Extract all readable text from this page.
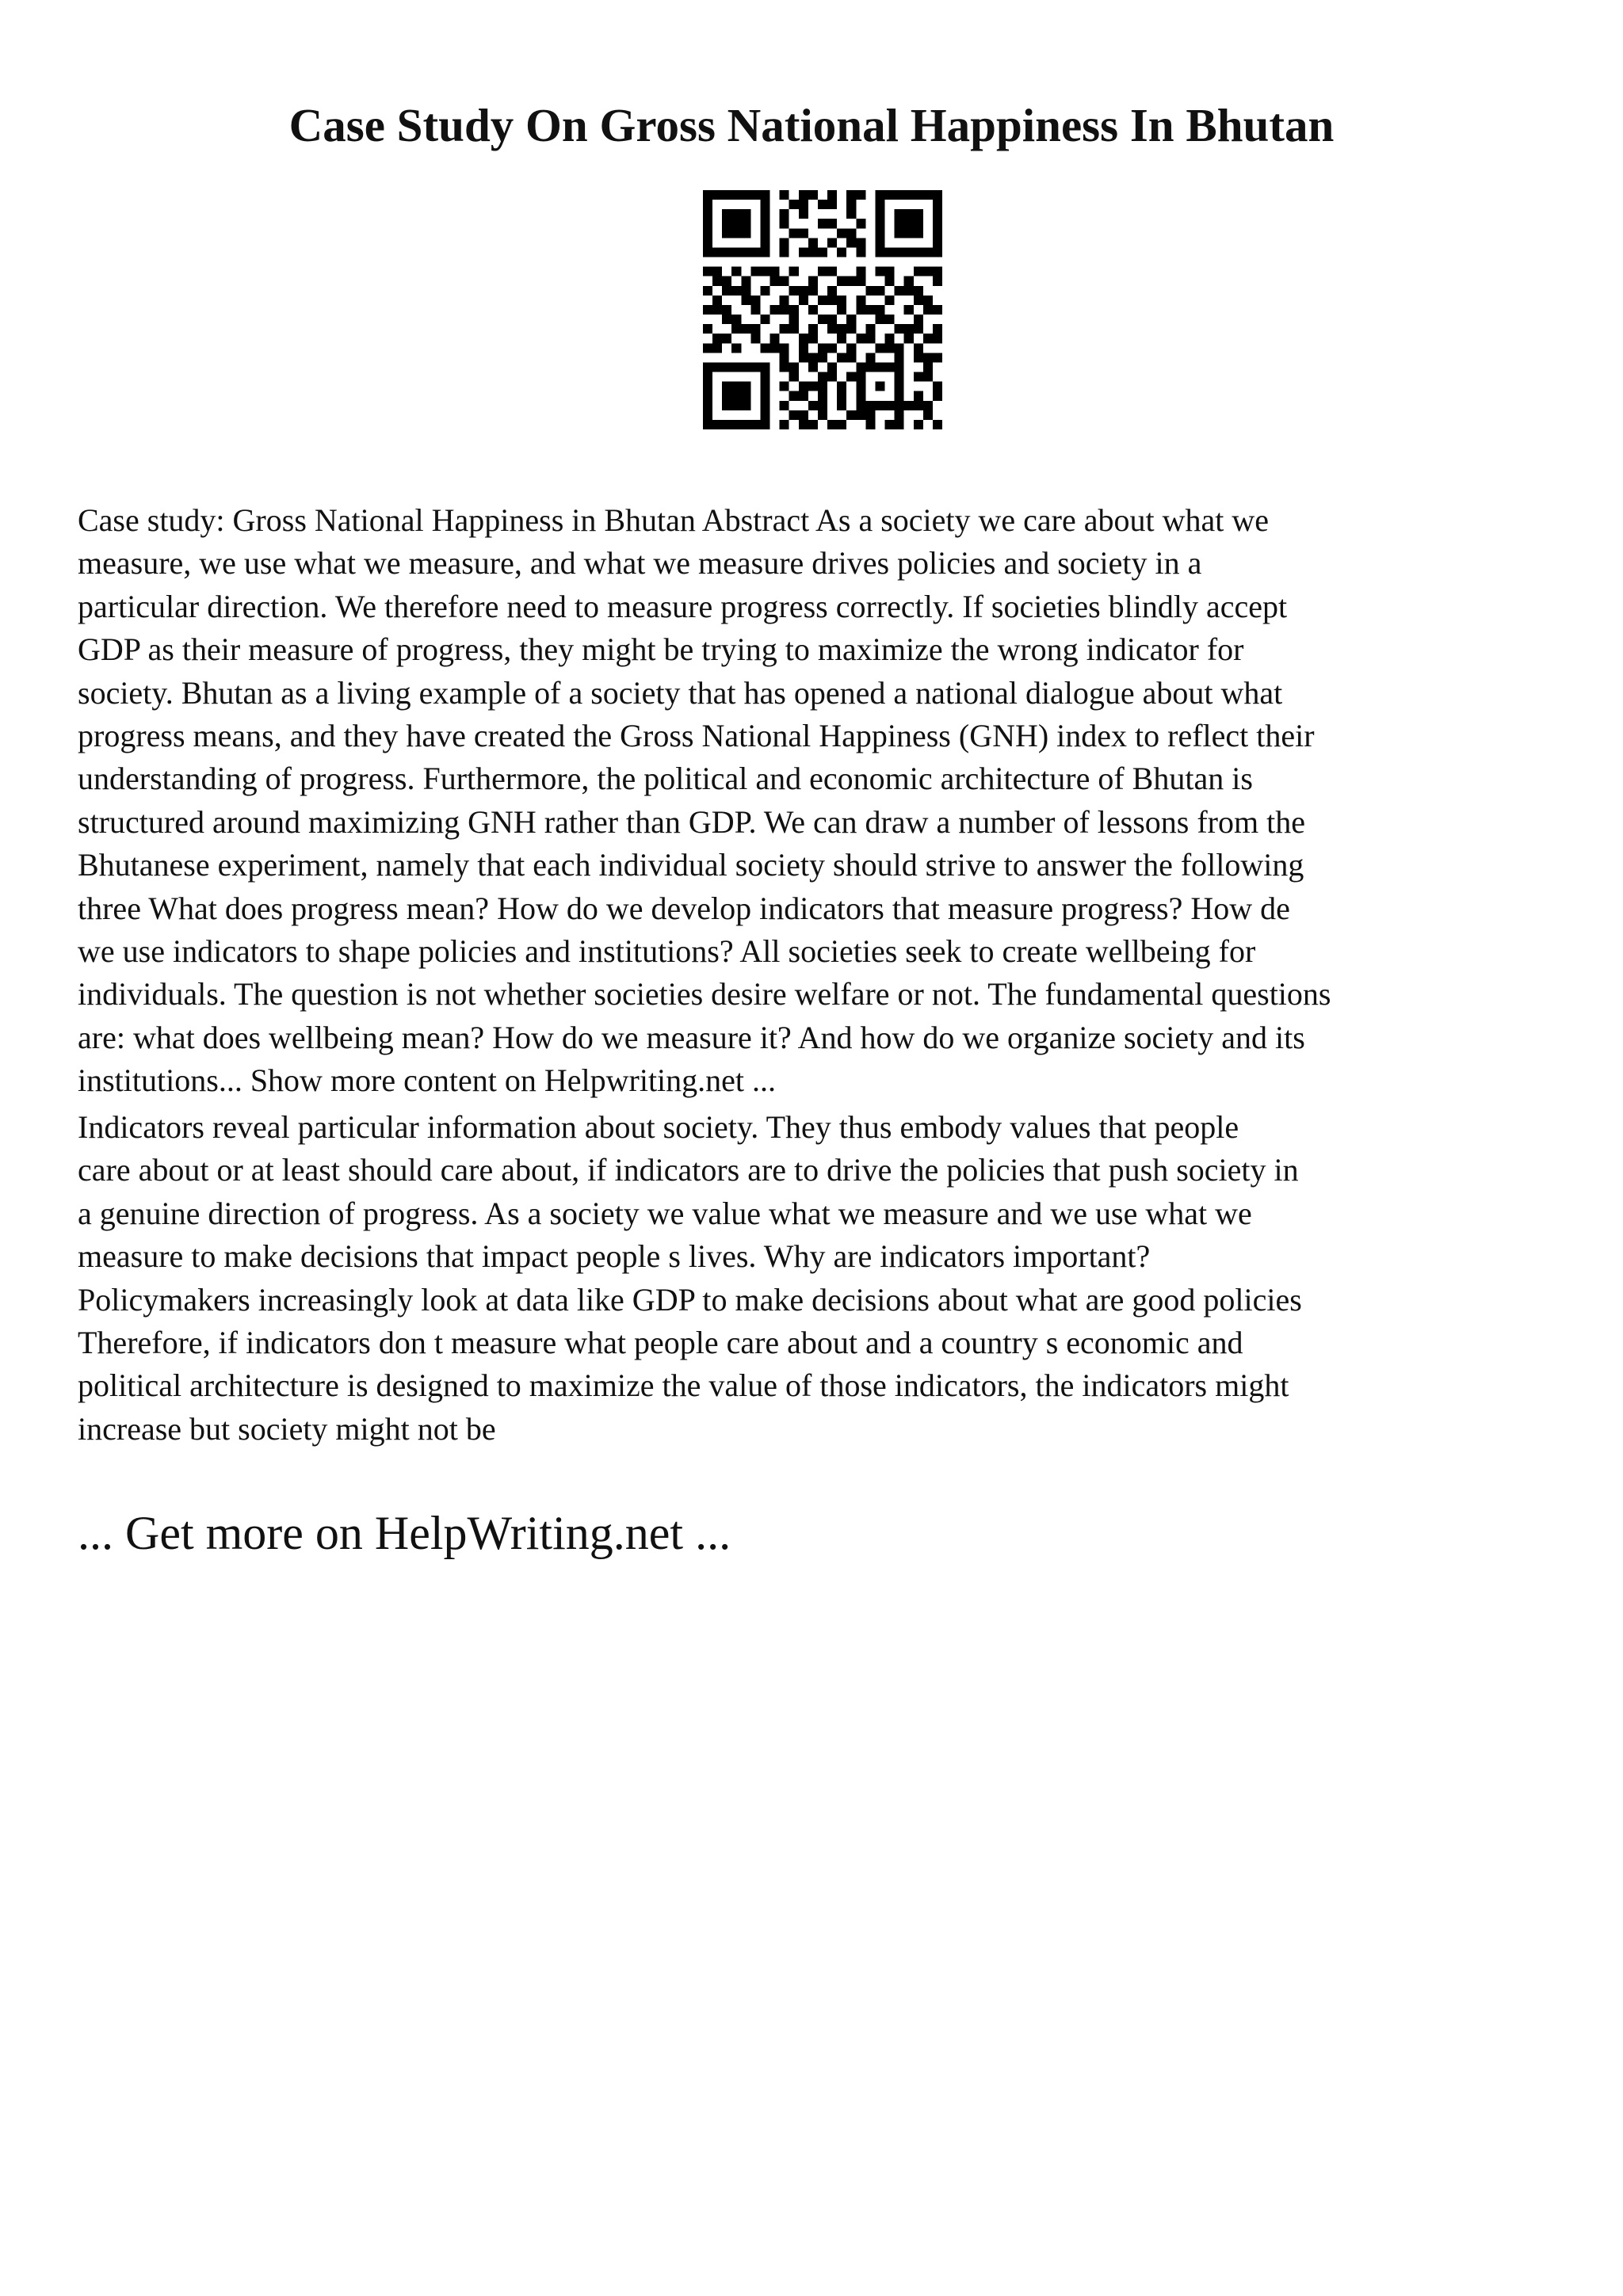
Case Study On Gross National Happiness In Bhutan

Case study: Gross National Happiness in Bhutan Abstract As a society we care about what we
measure, we use what we measure, and what we measure drives policies and society in a
particular direction. We therefore need to measure progress correctly. If societies blindly accept
GDP as their measure of progress, they might be trying to maximize the wrong indicator for
society. Bhutan as a living example of a society that has opened a national dialogue about what
progress means, and they have created the Gross National Happiness (GNH) index to reflect their
understanding of progress. Furthermore, the political and economic architecture of Bhutan is
structured around maximizing GNH rather than GDP. We can draw a number of lessons from the
Bhutanese experiment, namely that each individual society should strive to answer the following
three What does progress mean? How do we develop indicators that measure progress? How de
we use indicators to shape policies and institutions? All societies seek to create wellbeing for
individuals. The question is not whether societies desire welfare or not. The fundamental questions
are: what does wellbeing mean? How do we measure it? And how do we organize society and its
institutions... Show more content on Helpwriting.net ...

Indicators reveal particular information about society. They thus embody values that people
care about or at least should care about, if indicators are to drive the policies that push society in
a genuine direction of progress. As a society we value what we measure and we use what we
measure to make decisions that impact people s lives. Why are indicators important?
Policymakers increasingly look at data like GDP to make decisions about what are good policies
Therefore, if indicators don t measure what people care about and a country s economic and
political architecture is designed to maximize the value of those indicators, the indicators might
increase but society might not be

... Get more on HelpWriting.net ...
